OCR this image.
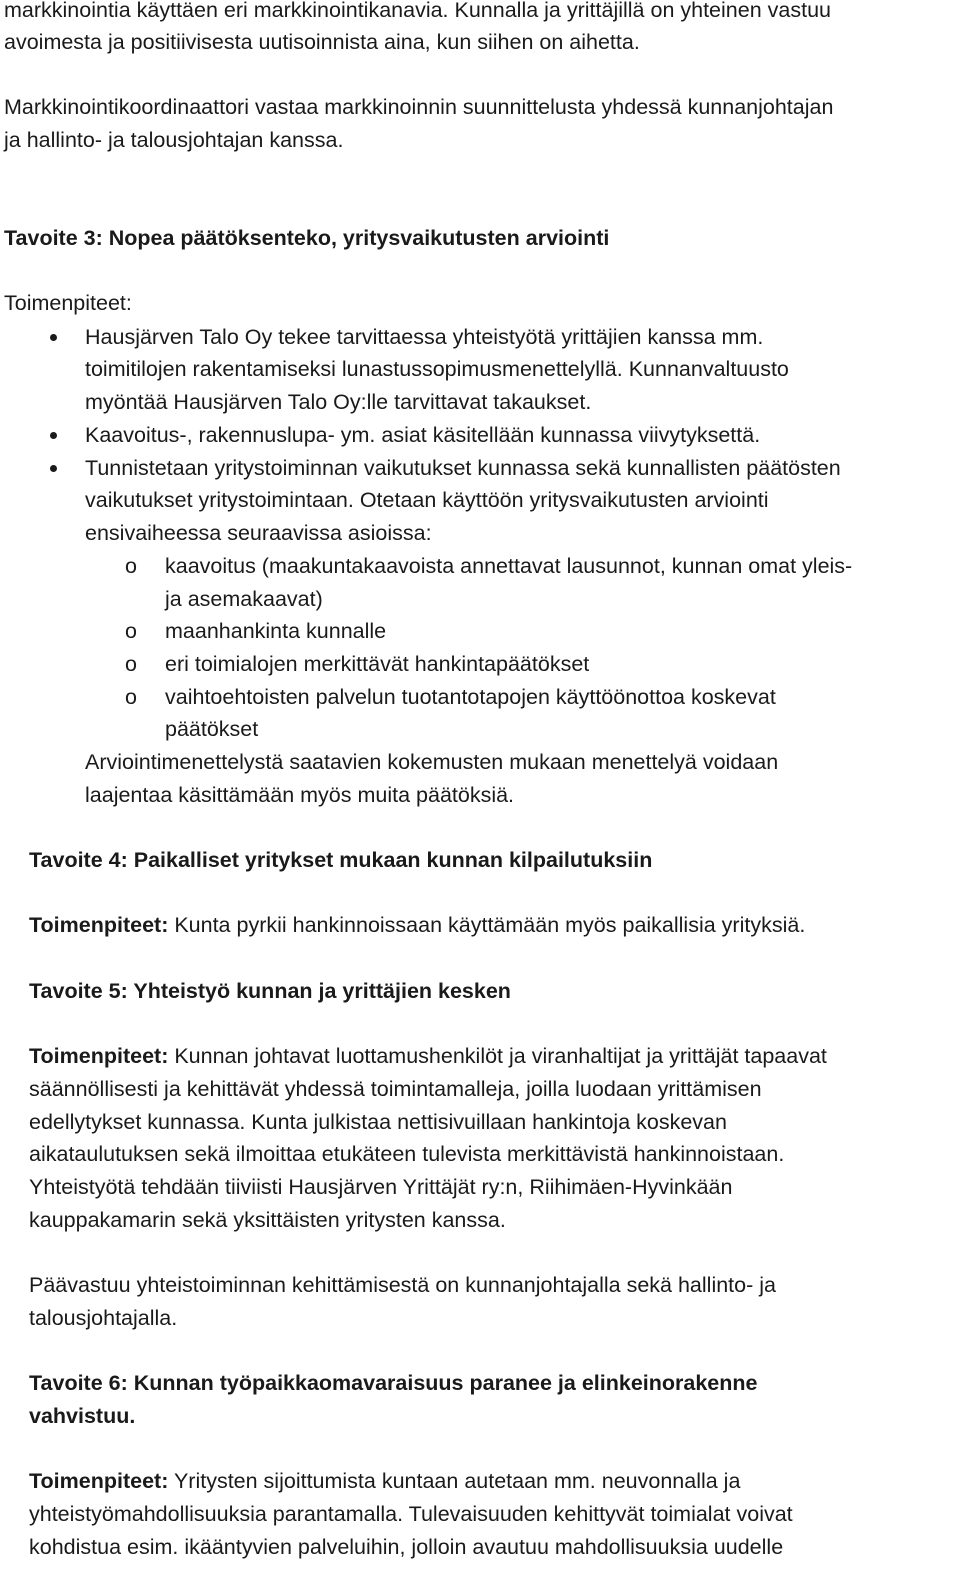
markkinointia käyttäen eri markkinointikanavia. Kunnalla ja yrittäjillä on yhteinen vastuu
avoimesta ja positiivisesta uutisoinnista aina, kun siihen on aihetta.
Markkinointikoordinaattori vastaa markkinoinnin suunnittelusta yhdessä kunnanjohtajan
ja hallinto- ja talousjohtajan kanssa.
Tavoite 3: Nopea päätöksenteko, yritysvaikutusten arviointi
Toimenpiteet:
Hausjärven Talo Oy tekee tarvittaessa yhteistyötä yrittäjien kanssa mm.
toimitilojen rakentamiseksi lunastussopimusmenettelyllä. Kunnanvaltuusto
myöntää Hausjärven Talo Oy:lle tarvittavat takaukset.
Kaavoitus-, rakennuslupa- ym. asiat käsitellään kunnassa viivytyksettä.
Tunnistetaan yritystoiminnan vaikutukset kunnassa sekä kunnallisten päätösten
vaikutukset yritystoimintaan. Otetaan käyttöön yritysvaikutusten arviointi
ensivaiheessa seuraavissa asioissa:
o kaavoitus (maakuntakaavoista annettavat lausunnot, kunnan omat yleis-
ja asemakaavat)
o maanhankinta kunnalle
o eri toimialojen merkittävät hankintapäätökset
o vaihtoehtoisten palvelun tuotantotapojen käyttöönottoa koskevat
päätökset
Arviointimenettelystä saatavien kokemusten mukaan menettelyä voidaan
laajentaa käsittämään myös muita päätöksiä.
Tavoite 4: Paikalliset yritykset mukaan kunnan kilpailutuksiin
Toimenpiteet: Kunta pyrkii hankinnoissaan käyttämään myös paikallisia yrityksiä.
Tavoite 5: Yhteistyö kunnan ja yrittäjien kesken
Toimenpiteet: Kunnan johtavat luottamushenkilöt ja viranhaltijat ja yrittäjät tapaavat
säännöllisesti ja kehittävät yhdessä toimintamalleja, joilla luodaan yrittämisen
edellytykset kunnassa. Kunta julkistaa nettisivuillaan hankintoja koskevan
aikataulutuksen sekä ilmoittaa etukäteen tulevista merkittävistä hankinnoistaan.
Yhteistyötä tehdään tiiviisti Hausjärven Yrittäjät ry:n, Riihimäen-Hyvinkään
kauppakamarin sekä yksittäisten yritysten kanssa.
Päävastuu yhteistoiminnan kehittämisestä on kunnanjohtajalla sekä hallinto- ja
talousjohtajalla.
Tavoite 6: Kunnan työpaikkaomavaraisuus paranee ja elinkeinorakenne
vahvistuu.
Toimenpiteet: Yritysten sijoittumista kuntaan autetaan mm. neuvonnalla ja
yhteistyömahdollisuuksia parantamalla. Tulevaisuuden kehittyvät toimialat voivat
kohdistua esim. ikääntyvien palveluihin, jolloin avautuu mahdollisuuksia uudelle
